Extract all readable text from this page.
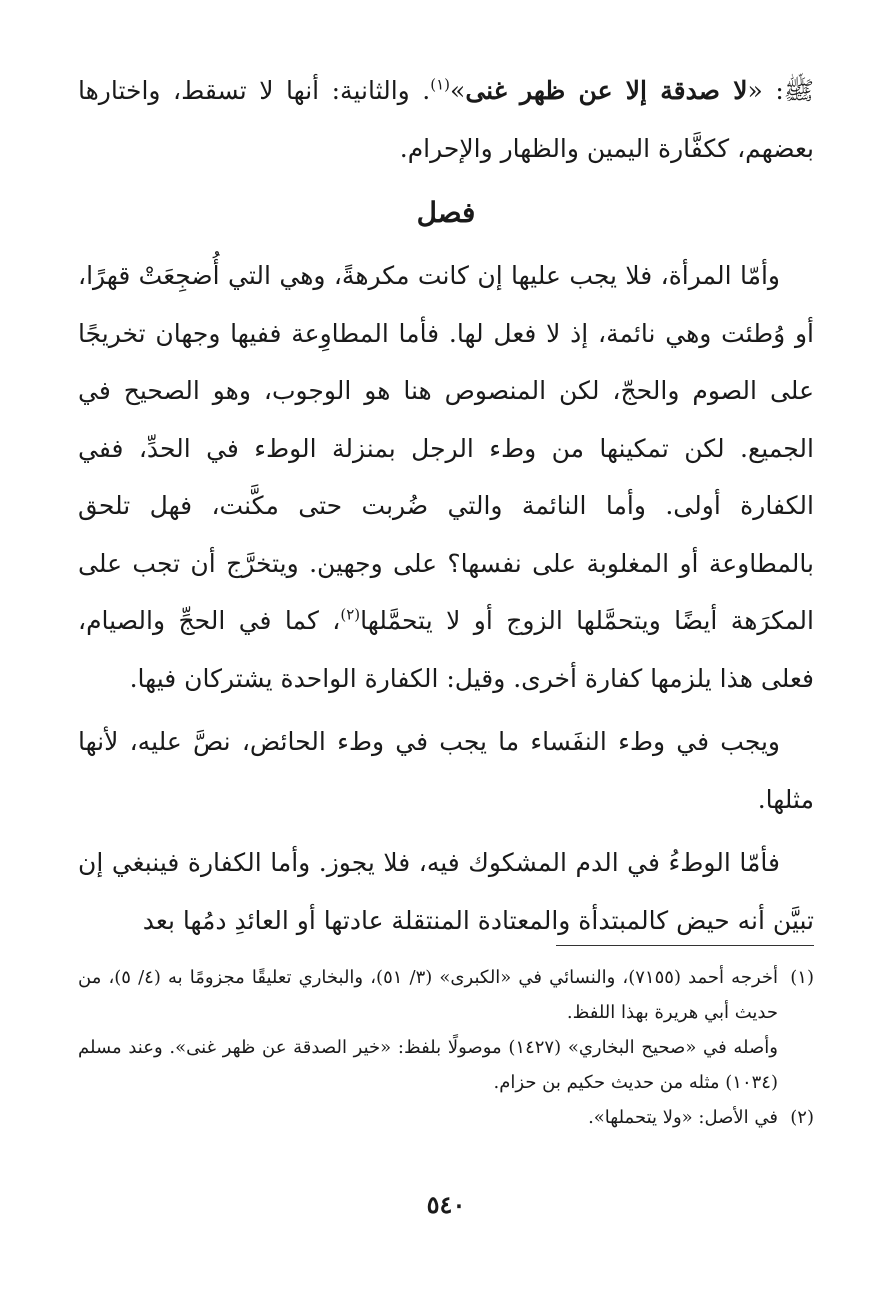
ﷺ: «لا صدقة إلا عن ظهر غنى»$^{(١)}$. والثانية: أنها لا تسقط، واختارها بعضهم، ككفَّارة اليمين والظهار والإحرام.

فصل

وأمّا المرأة، فلا يجب عليها إن كانت مكرهةً، وهي التي أُضجِعَتْ قهرًا، أو وُطئت وهي نائمة، إذ لا فعل لها. فأما المطاوِعة ففيها وجهان تخريجًا على الصوم والحجّ، لكن المنصوص هنا هو الوجوب، وهو الصحيح في الجميع. لكن تمكينها من وطء الرجل بمنزلة الوطء في الحدِّ، ففي الكفارة أولى. وأما النائمة والتي ضُربت حتى مكَّنت، فهل تلحق بالمطاوعة أو المغلوبة على نفسها؟ على وجهين. ويتخرَّج أن تجب على المكرَهة أيضًا ويتحمَّلها الزوج أو لا يتحمَّلها$^{(٢)}$، كما في الحجِّ والصيام، فعلى هذا يلزمها كفارة أخرى. وقيل: الكفارة الواحدة يشتركان فيها.

ويجب في وطء النفَساء ما يجب في وطء الحائض، نصَّ عليه، لأنها مثلها.

فأمّا الوطءُ في الدم المشكوك فيه، فلا يجوز. وأما الكفارة فينبغي إن تبيَّن أنه حيض كالمبتدأة والمعتادة المنتقلة عادتها أو العائدِ دمُها بعد

(١)أخرجه أحمد (٧١٥٥)، والنسائي في «الكبرى» (٣/ ٥١)، والبخاري تعليقًا مجزومًا به (٤/ ٥)، من حديث أبي هريرة بهذا اللفظ.

وأصله في «صحيح البخاري» (١٤٢٧) موصولًا بلفظ: «خير الصدقة عن ظهر غنى». وعند مسلم (١٠٣٤) مثله من حديث حكيم بن حزام.

(٢)في الأصل: «ولا يتحملها».

٥٤٠
